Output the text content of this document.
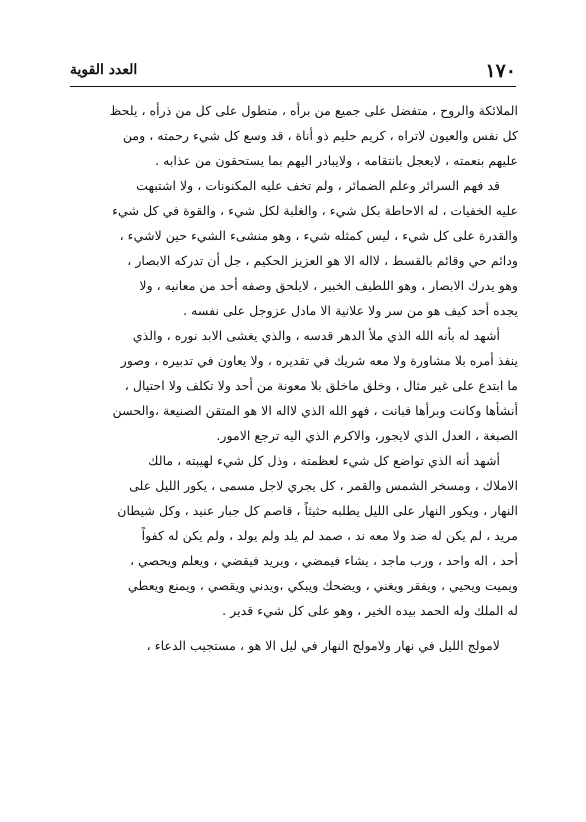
١٧٠
العدد القوية
الملائكة والروح ، متفضل على جميع من برأه ، متطول على كل من ذرأه ، يلحظ
كل نفس والعيون لاتراه ، كريم حليم ذو أناة ، قد وسع كل شيء رحمته ، ومن
عليهم بنعمته ، لايعجل بانتقامه ، ولايبادر اليهم بما يستحقون من عذابه .
قد فهم السرائر وعلم الضمائر ، ولم تخف عليه المكنونات ، ولا اشتبهت
عليه الخفيات ، له الاحاطة بكل شيء ، والغلبة لكل شيء ، والقوة في كل شيء
والقدرة على كل شيء ، ليس كمثله شيء ، وهو منشىء الشيء حين لاشيء ،
ودائم حي وقائم بالقسط ، لااله الا هو العزيز الحكيم ، جل أن تدركه الابصار ،
وهو يدرك الابصار ، وهو اللطيف الخبير ، لايلحق وصفه أحد من معانيه ، ولا
يجده أحد كيف هو من سر ولا علانية الا مادل عزوجل على نفسه .
أشهد له بأنه الله الذي ملأ الدهر قدسه ، والذي يغشى الابد نوره ، والذي
ينفذ أمره بلا مشاورة ولا معه شريك في تقديره ، ولا يعاون في تدبيره ، وصور
ما ابتدع على غير مثال ، وخلق ماخلق بلا معونة من أحد ولا تكلف ولا احتيال ،
أنشأها وكانت وبرأها فبانت ، فهو الله الذي لااله الا هو المتقن الصنيعة ،والحسن
الصبغة ، العدل الذي لايجور، والاكرم الذي اليه ترجع الامور.
أشهد أنه الذي تواضع كل شيء لعظمته ، وذل كل شيء لهيبته ، مالك
الاملاك ، ومسخر الشمس والقمر ، كل يجري لاجل مسمى ، يكور الليل على
النهار ، ويكور النهار على الليل يطلبه حثيثاً ، قاصم كل جبار عنيد ، وكل شيطان
مريد ، لم يكن له ضد ولا معه ند ، صمد لم يلد ولم يولد ، ولم يكن له كفواً
أحد ، اله واحد ، ورب ماجد ، يشاء فيمضي ، ويريد فيقضي ، ويعلم ويحصي ،
ويميت ويحيي ، ويفقر ويغني ، ويضحك ويبكي ،ويدني ويقصي ، ويمنع ويعطي
له الملك وله الحمد بيده الخير ، وهو على كل شيء قدير .
لامولج الليل في نهار ولامولج النهار في ليل الا هو ، مستجيب الدعاء ،
